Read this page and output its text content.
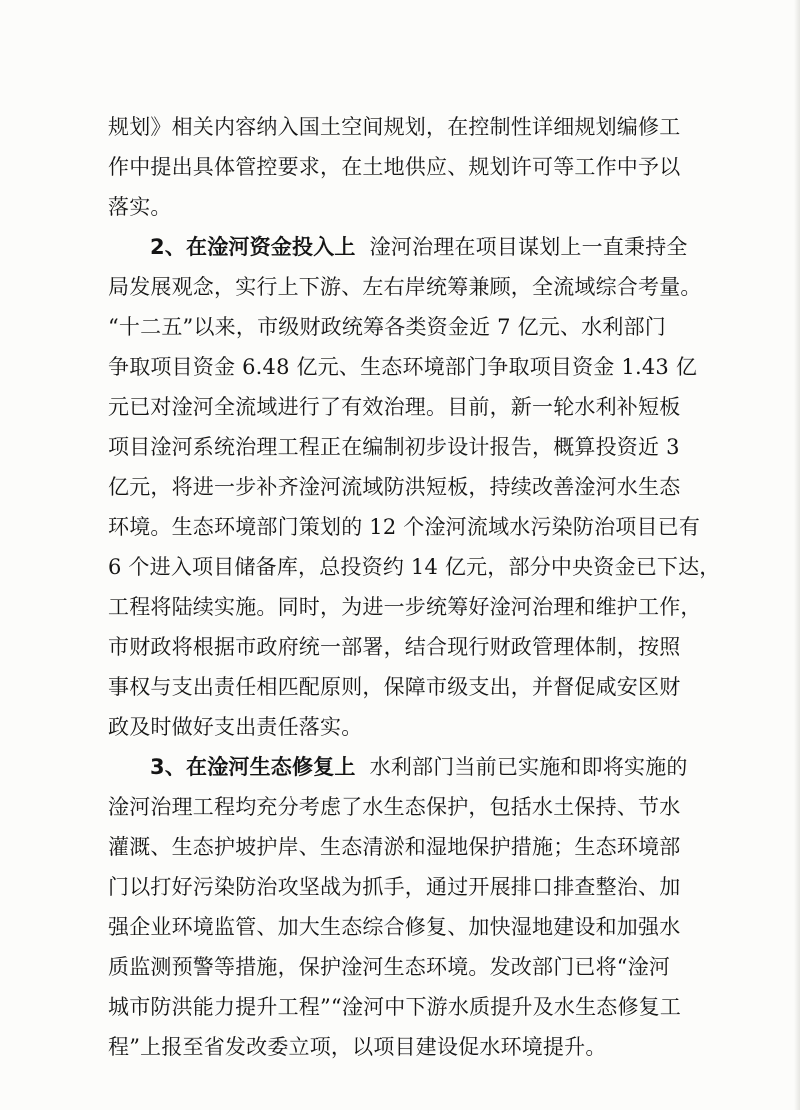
规划》相关内容纳入国土空间规划，在控制性详细规划编修工
作中提出具体管控要求，在土地供应、规划许可等工作中予以
落实。
2、在淦河资金投入上 淦河治理在项目谋划上一直秉持全
局发展观念，实行上下游、左右岸统筹兼顾，全流域综合考量。
“十二五”以来，市级财政统筹各类资金近 7 亿元、水利部门
争取项目资金 6.48 亿元、生态环境部门争取项目资金 1.43 亿
元已对淦河全流域进行了有效治理。目前，新一轮水利补短板
项目淦河系统治理工程正在编制初步设计报告，概算投资近 3
亿元，将进一步补齐淦河流域防洪短板，持续改善淦河水生态
环境。生态环境部门策划的 12 个淦河流域水污染防治项目已有
6 个进入项目储备库，总投资约 14 亿元，部分中央资金已下达，
工程将陆续实施。同时，为进一步统筹好淦河治理和维护工作，
市财政将根据市政府统一部署，结合现行财政管理体制，按照
事权与支出责任相匹配原则，保障市级支出，并督促咸安区财
政及时做好支出责任落实。
3、在淦河生态修复上 水利部门当前已实施和即将实施的
淦河治理工程均充分考虑了水生态保护，包括水土保持、节水
灌溉、生态护坡护岸、生态清淤和湿地保护措施；生态环境部
门以打好污染防治攻坚战为抓手，通过开展排口排查整治、加
强企业环境监管、加大生态综合修复、加快湿地建设和加强水
质监测预警等措施，保护淦河生态环境。发改部门已将“淦河
城市防洪能力提升工程”“淦河中下游水质提升及水生态修复工
程”上报至省发改委立项，以项目建设促水环境提升。
